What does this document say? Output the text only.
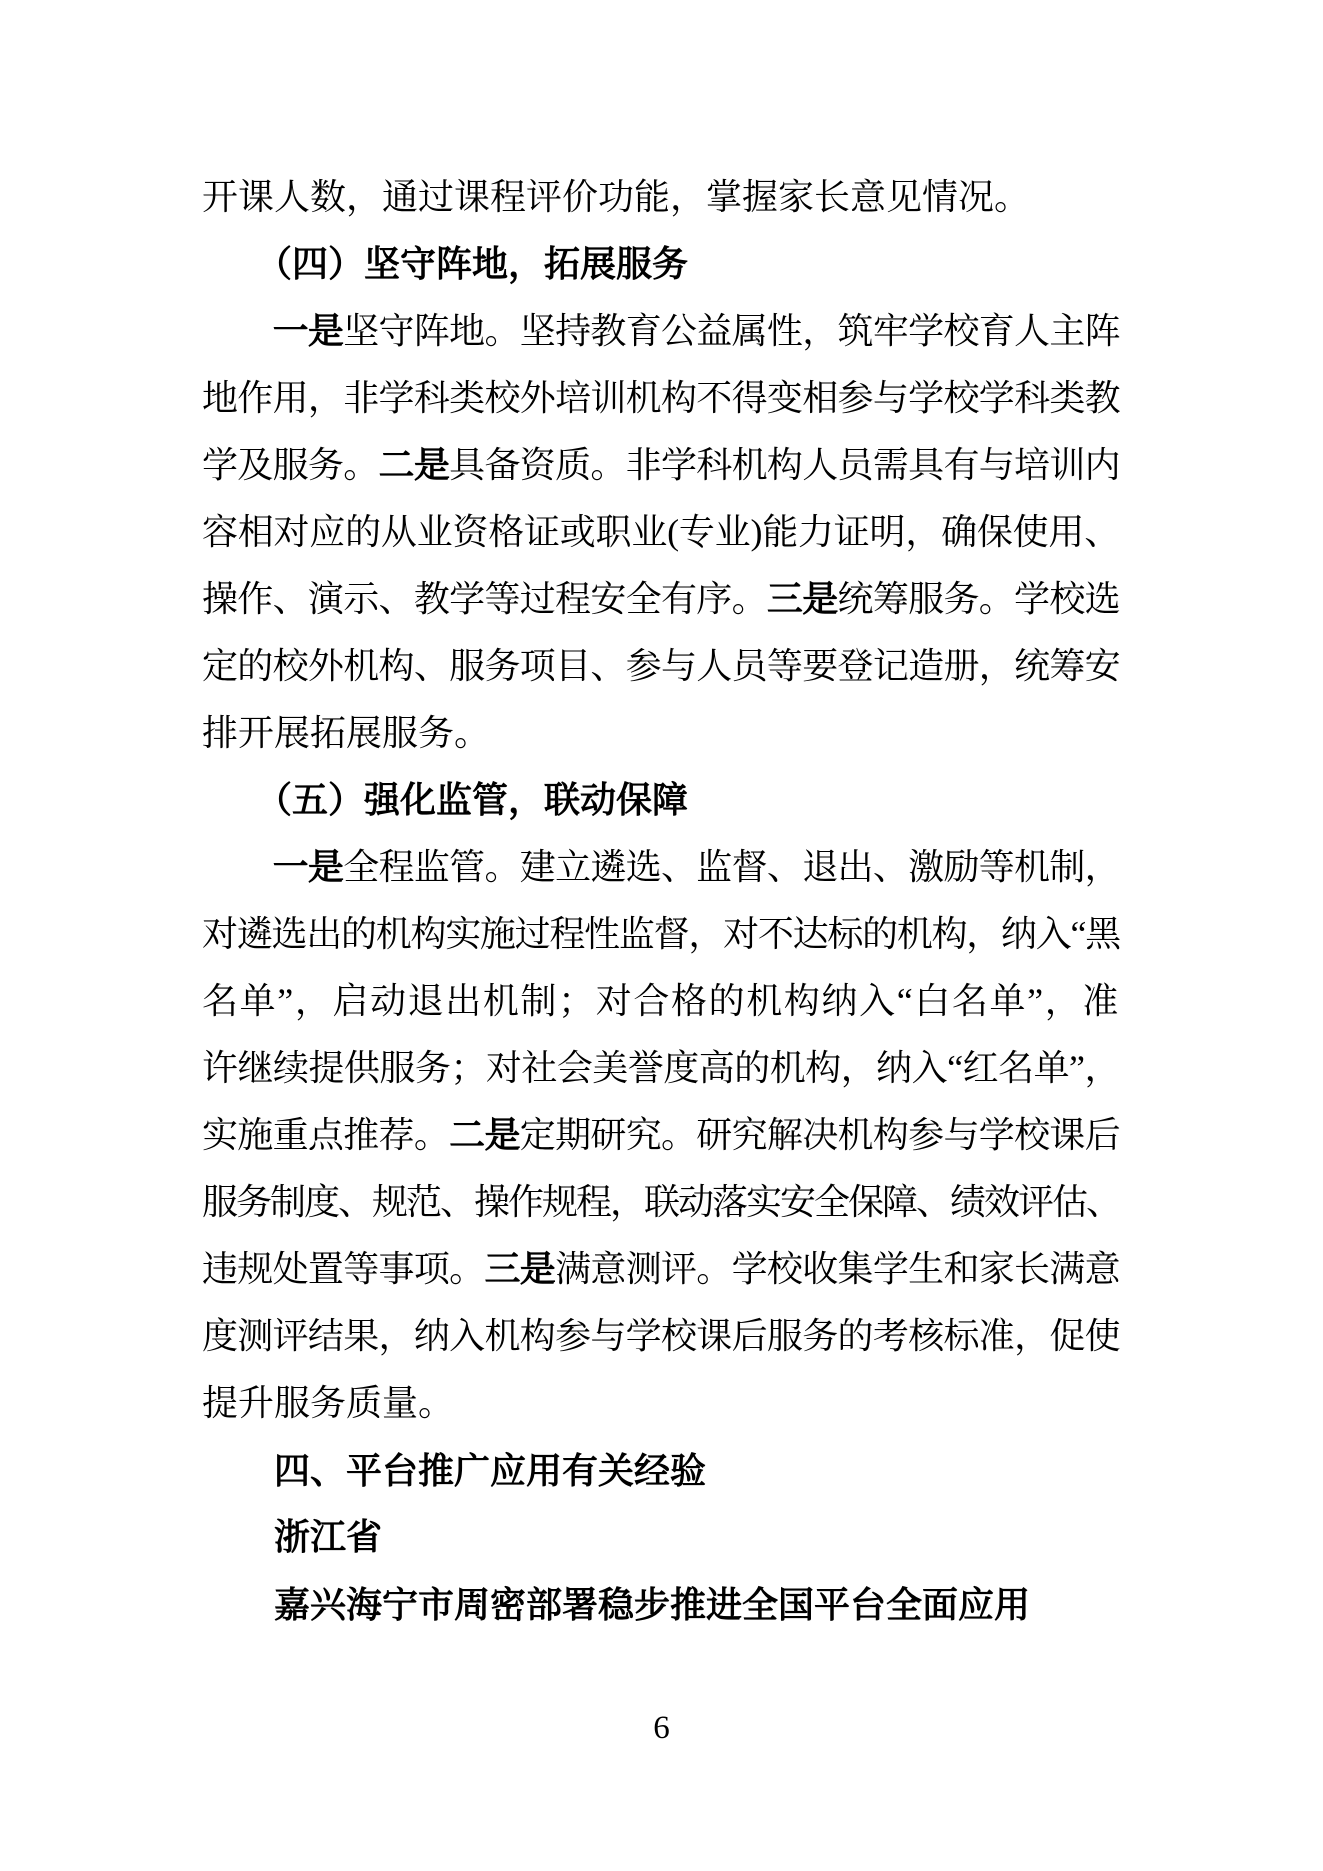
开课人数，通过课程评价功能，掌握家长意见情况。
　　（四）坚守阵地，拓展服务
　　一是坚守阵地。坚持教育公益属性，筑牢学校育人主阵
地作用，非学科类校外培训机构不得变相参与学校学科类教
学及服务。二是具备资质。非学科机构人员需具有与培训内
容相对应的从业资格证或职业(专业)能力证明，确保使用、
操作、演示、教学等过程安全有序。三是统筹服务。学校选
定的校外机构、服务项目、参与人员等要登记造册，统筹安
排开展拓展服务。
　　（五）强化监管，联动保障
　　一是全程监管。建立遴选、监督、退出、激励等机制，
对遴选出的机构实施过程性监督，对不达标的机构，纳入“黑
名单”，启动退出机制；对合格的机构纳入“白名单”，准
许继续提供服务；对社会美誉度高的机构，纳入“红名单”，
实施重点推荐。二是定期研究。研究解决机构参与学校课后
服务制度、规范、操作规程，联动落实安全保障、绩效评估、
违规处置等事项。三是满意测评。学校收集学生和家长满意
度测评结果，纳入机构参与学校课后服务的考核标准，促使
提升服务质量。
　　四、平台推广应用有关经验
　　浙江省
　　嘉兴海宁市周密部署稳步推进全国平台全面应用
6
